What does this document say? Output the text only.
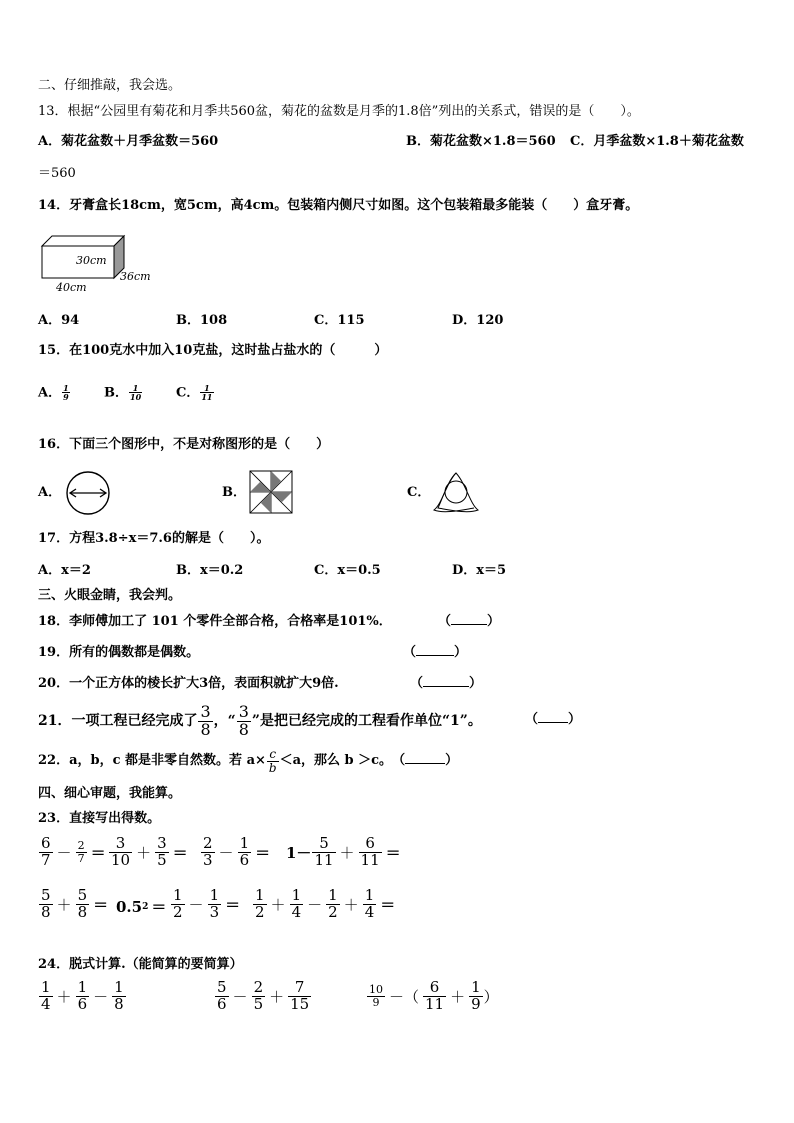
二、仔细推敲，我会选。
13．根据“公园里有菊花和月季共560盆，菊花的盆数是月季的1.8倍”列出的关系式，错误的是（　　）。
A．菊花盆数＋月季盆数＝560	B．菊花盆数×1.8＝560 C．月季盆数×1.8＋菊花盆数
＝560
14．牙膏盒长18cm，宽5cm，高4cm。包装箱内侧尺寸如图。这个包装箱最多能装（　　）盒牙膏。
30cm
36cm
40cm
A．94	B．108	C．115	D．120
15．在100克水中加入10克盐，这时盐占盐水的（　　　）
A． $\frac{1}{9}$	B． $\frac{1}{10}$	C． $\frac{1}{11}$
16．下面三个图形中，不是对称图形的是（　　）
A．	B．	C．
17．方程3.8÷x＝7.6的解是（　　）。
A．x＝2	B．x＝0.2	C．x＝0.5	D．x＝5
三、火眼金睛，我会判。
18．李师傅加工了 101 个零件全部合格，合格率是101%．	（	）
19．所有的偶数都是偶数。	（	）
20．一个正方体的棱长扩大3倍，表面积就扩大9倍.	（	）
21．一项工程已经完成了 $\frac{3}{8}$ ，“ $\frac{3}{8}$ ”是把已经完成的工程看作单位“1”。	（ ）
22．a，b，c 都是非零自然数。若 $a\times \frac{c}{b} <a$，那么 b ＞c。 （	）
四、细心审题，我能算。
23．直接写出得数。
$\frac{6}{7} - \frac{2}{7} = \frac{3}{10} + \frac{3}{5} = \frac{2}{3} - \frac{1}{6} = 1- \frac{5}{11} + \frac{6}{11}$ ＝
$\frac{5}{8} + \frac{5}{8} = 0.5$ $2 = \frac{1}{2} - \frac{1}{3} = \frac{1}{2} + \frac{1}{4} - \frac{1}{2} + \frac{1}{4}$ ＝
24．脱式计算.（能简算的要简算）
$\frac{1}{4} + \frac{1}{6} - \frac{1}{8}$	$\frac{5}{6} - \frac{2}{5} + \frac{7}{15}$	$\frac{10}{9}$ －（ $\frac{6}{11} + \frac{1}{9}$ ）
